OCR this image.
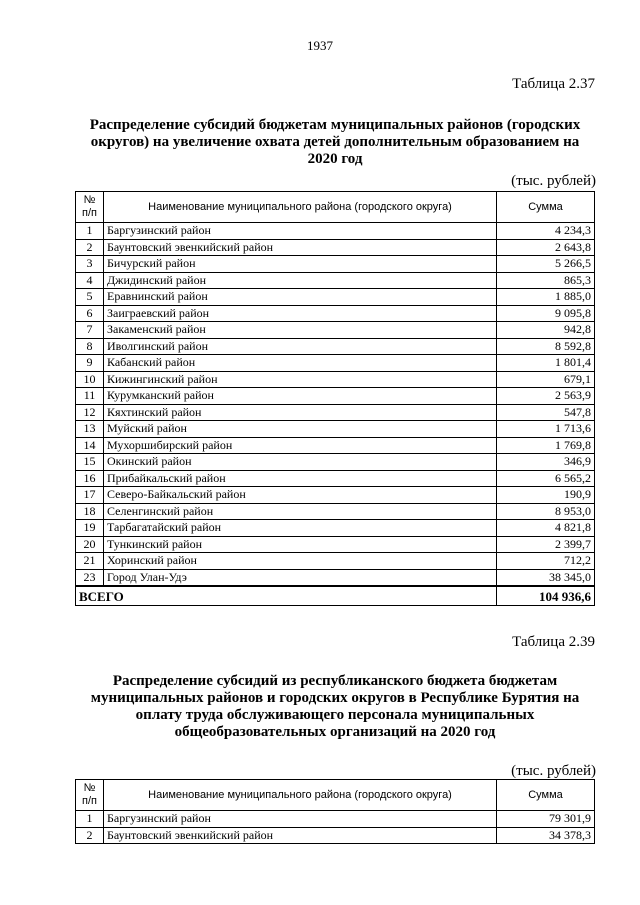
1937
Таблица 2.37
Распределение субсидий бюджетам муниципальных районов (городских округов) на увеличение охвата детей дополнительным образованием на 2020 год
(тыс. рублей)
№ п/п	Наименование муниципального района (городского округа)	Сумма
1	Баргузинский район	4 234,3
2	Баунтовский эвенкийский район	2 643,8
3	Бичурский район	5 266,5
4	Джидинский район	865,3
5	Еравнинский район	1 885,0
6	Заиграевский район	9 095,8
7	Закаменский район	942,8
8	Иволгинский район	8 592,8
9	Кабанский район	1 801,4
10	Кижингинский район	679,1
11	Курумканский район	2 563,9
12	Кяхтинский район	547,8
13	Муйский район	1 713,6
14	Мухоршибирский район	1 769,8
15	Окинский район	346,9
16	Прибайкальский район	6 565,2
17	Северо-Байкальский район	190,9
18	Селенгинский район	8 953,0
19	Тарбагатайский район	4 821,8
20	Тункинский район	2 399,7
21	Хоринский район	712,2
23	Город Улан-Удэ	38 345,0
ВСЕГО		104 936,6
Таблица 2.39
Распределение субсидий из республиканского бюджета бюджетам муниципальных районов и городских округов в Республике Бурятия на оплату труда обслуживающего персонала муниципальных общеобразовательных организаций на 2020 год
(тыс. рублей)
№ п/п	Наименование муниципального района (городского округа)	Сумма
1	Баргузинский район	79 301,9
2	Баунтовский эвенкийский район	34 378,3
